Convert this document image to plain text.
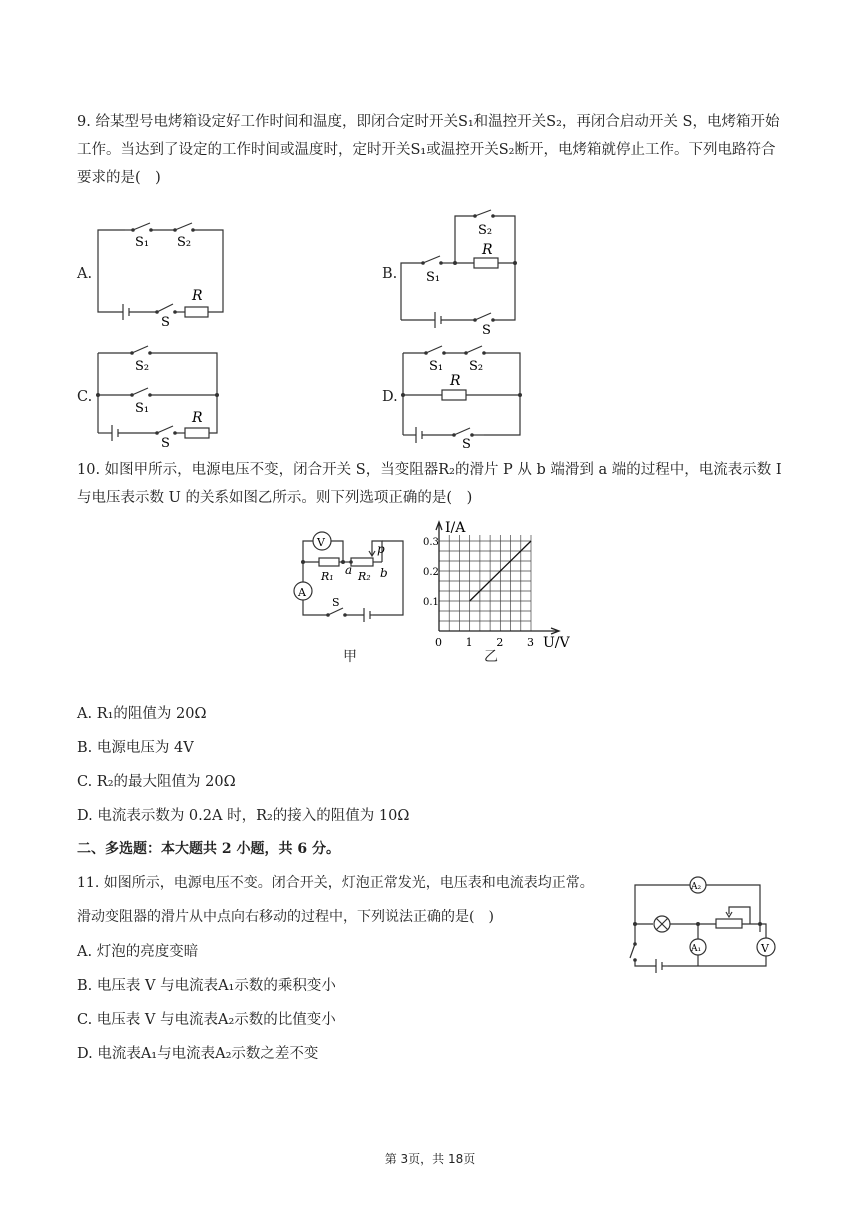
9. 给某型号电烤箱设定好工作时间和温度，即闭合定时开关S₁和温控开关S₂，再闭合启动开关 S，电烤箱开始工作。当达到了设定的工作时间或温度时，定时开关S₁或温控开关S₂断开，电烤箱就停止工作。下列电路符合要求的是(　)
A.
S₁ S₂
S
R
B.
S₂
R
S₁
S
C.
S₂
S₁
R
S
D.
S₁ S₂
R
S
10. 如图甲所示，电源电压不变，闭合开关 S，当变阻器R₂的滑片 P 从 b 端滑到 a 端的过程中，电流表示数 I 与电压表示数 U 的关系如图乙所示。则下列选项正确的是(　)
V
A
R₁ a R₂ b
p
S
甲
I/A
U/V
0 1 2 3
0.1
0.2
0.3
乙
A. R₁的阻值为 20Ω
B. 电源电压为 4V
C. R₂的最大阻值为 20Ω
D. 电流表示数为 0.2A 时，R₂的接入的阻值为 10Ω
二、多选题：本大题共 2 小题，共 6 分。
11. 如图所示，电源电压不变。闭合开关，灯泡正常发光，电压表和电流表均正常。
滑动变阻器的滑片从中点向右移动的过程中，下列说法正确的是(　)
A. 灯泡的亮度变暗
B. 电压表 V 与电流表A₁示数的乘积变小
C. 电压表 V 与电流表A₂示数的比值变小
D. 电流表A₁与电流表A₂示数之差不变
A₂
A₁	V
第 3页，共 18页
